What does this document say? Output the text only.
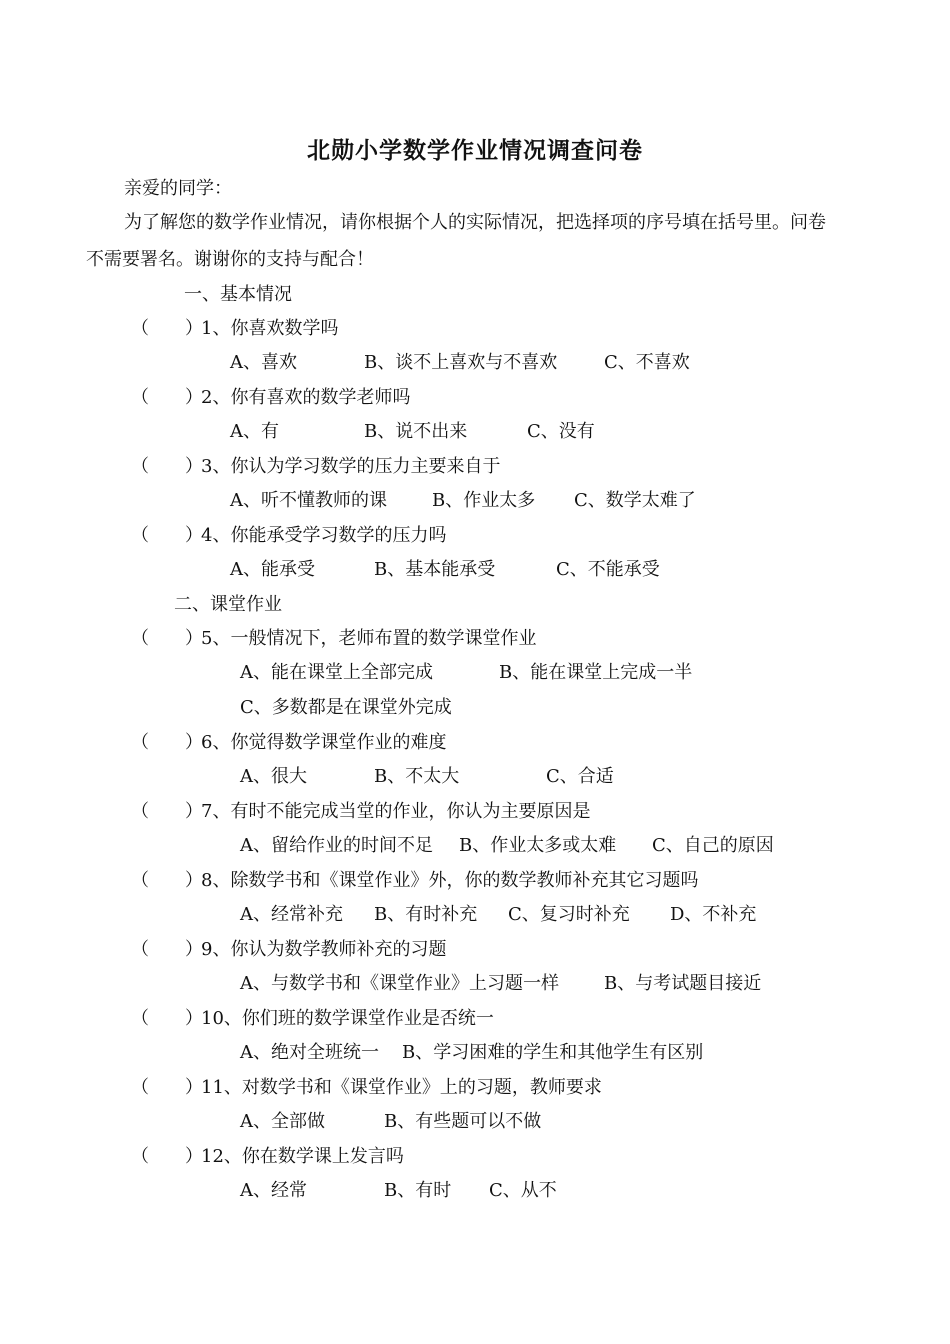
北勋小学数学作业情况调查问卷
亲爱的同学：
为了解您的数学作业情况，请你根据个人的实际情况，把选择项的序号填在括号里。问卷
不需要署名。谢谢你的支持与配合！
一、基本情况
（　　）1、你喜欢数学吗
A、喜欢	B、谈不上喜欢与不喜欢	C、不喜欢
（　　）2、你有喜欢的数学老师吗
A、有	B、说不出来	C、没有
（　　）3、你认为学习数学的压力主要来自于
A、听不懂教师的课	B、作业太多 C、数学太难了
（　　）4、你能承受学习数学的压力吗
A、能承受	B、基本能承受	C、不能承受
二、课堂作业
（　　）5、一般情况下，老师布置的数学课堂作业
A、能在课堂上全部完成	B、能在课堂上完成一半
C、多数都是在课堂外完成
（　　）6、你觉得数学课堂作业的难度
A、很大	B、不太大	C、合适
（　　）7、有时不能完成当堂的作业，你认为主要原因是
A、留给作业的时间不足 B、作业太多或太难 C、自己的原因
（　　）8、除数学书和《课堂作业》外，你的数学教师补充其它习题吗
A、经常补充 B、有时补充 C、复习时补充 D、不补充
（　　）9、你认为数学教师补充的习题
A、与数学书和《课堂作业》上习题一样	B、与考试题目接近
（　　）10、你们班的数学课堂作业是否统一
A、绝对全班统一 B、学习困难的学生和其他学生有区别
（　　）11、对数学书和《课堂作业》上的习题，教师要求
A、全部做	B、有些题可以不做
（　　）12、你在数学课上发言吗
A、经常	B、有时 C、从不
